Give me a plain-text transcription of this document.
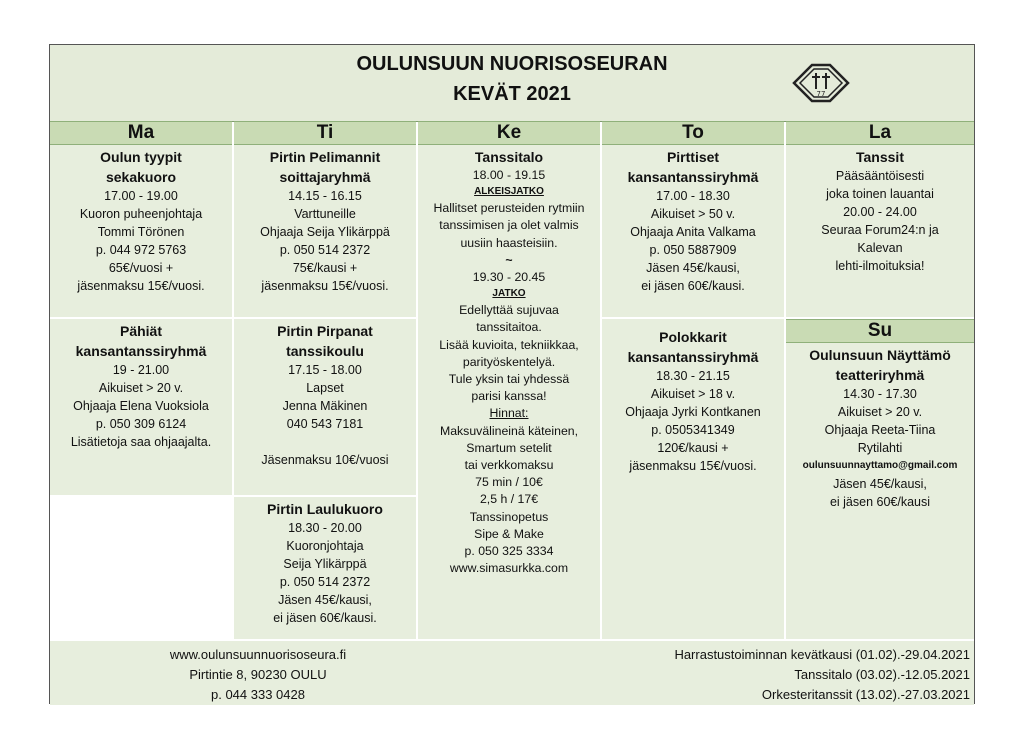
OULUNSUUN NUORISOSEURAN
KEVÄT 2021	77
Ma
Oulun tyypit
sekakuoro
17.00 - 19.00
Kuoron puheenjohtaja
Tommi Törönen
p. 044 972 5763
65€/vuosi +
jäsenmaksu 15€/vuosi.
Pähiät
kansantanssiryhmä
19 - 21.00
Aikuiset > 20 v.
Ohjaaja Elena Vuoksiola
p. 050 309 6124
Lisätietoja saa ohjaajalta.
Ti
Pirtin Pelimannit
soittajaryhmä
14.15 - 16.15
Varttuneille
Ohjaaja Seija Ylikärppä
p. 050 514 2372
75€/kausi +
jäsenmaksu 15€/vuosi.
Pirtin Pirpanat
tanssikoulu
17.15 - 18.00
Lapset
Jenna Mäkinen
040 543 7181
Jäsenmaksu 10€/vuosi
Pirtin Laulukuoro
18.30 - 20.00
Kuoronjohtaja
Seija Ylikärppä
p. 050 514 2372
Jäsen 45€/kausi,
ei jäsen 60€/kausi.
Ke
Tanssitalo
18.00 - 19.15
ALKEISJATKO
Hallitset perusteiden rytmiin
tanssimisen ja olet valmis
uusiin haasteisiin.
~
19.30 - 20.45
JATKO
Edellyttää sujuvaa
tanssitaitoa.
Lisää kuvioita, tekniikkaa,
parityöskentelyä.
Tule yksin tai yhdessä
parisi kanssa!
Hinnat:
Maksuvälineinä käteinen,
Smartum setelit
tai verkkomaksu
75 min / 10€
2,5 h / 17€
Tanssinopetus
Sipe & Make
p. 050 325 3334
www.simasurkka.com
To
Pirttiset
kansantanssiryhmä
17.00 - 18.30
Aikuiset > 50 v.
Ohjaaja Anita Valkama
p. 050 5887909
Jäsen 45€/kausi,
ei jäsen 60€/kausi.
Polokkarit
kansantanssiryhmä
18.30 - 21.15
Aikuiset > 18 v.
Ohjaaja Jyrki Kontkanen
p. 0505341349
120€/kausi +
jäsenmaksu 15€/vuosi.
La
Tanssit
Pääsääntöisesti
joka toinen lauantai
20.00 - 24.00
Seuraa Forum24:n ja
Kalevan
lehti-ilmoituksia!
Su
Oulunsuun Näyttämö
teatteriryhmä
14.30 - 17.30
Aikuiset > 20 v.
Ohjaaja Reeta-Tiina
Rytilahti
oulunsuunnayttamo@gmail.com
Jäsen 45€/kausi,
ei jäsen 60€/kausi
www.oulunsuunnuorisoseura.fi
Pirtintie 8, 90230 OULU
p. 044 333 0428
Harrastustoiminnan kevätkausi (01.02).-29.04.2021
Tanssitalo (03.02).-12.05.2021
Orkesteritanssit (13.02).-27.03.2021
